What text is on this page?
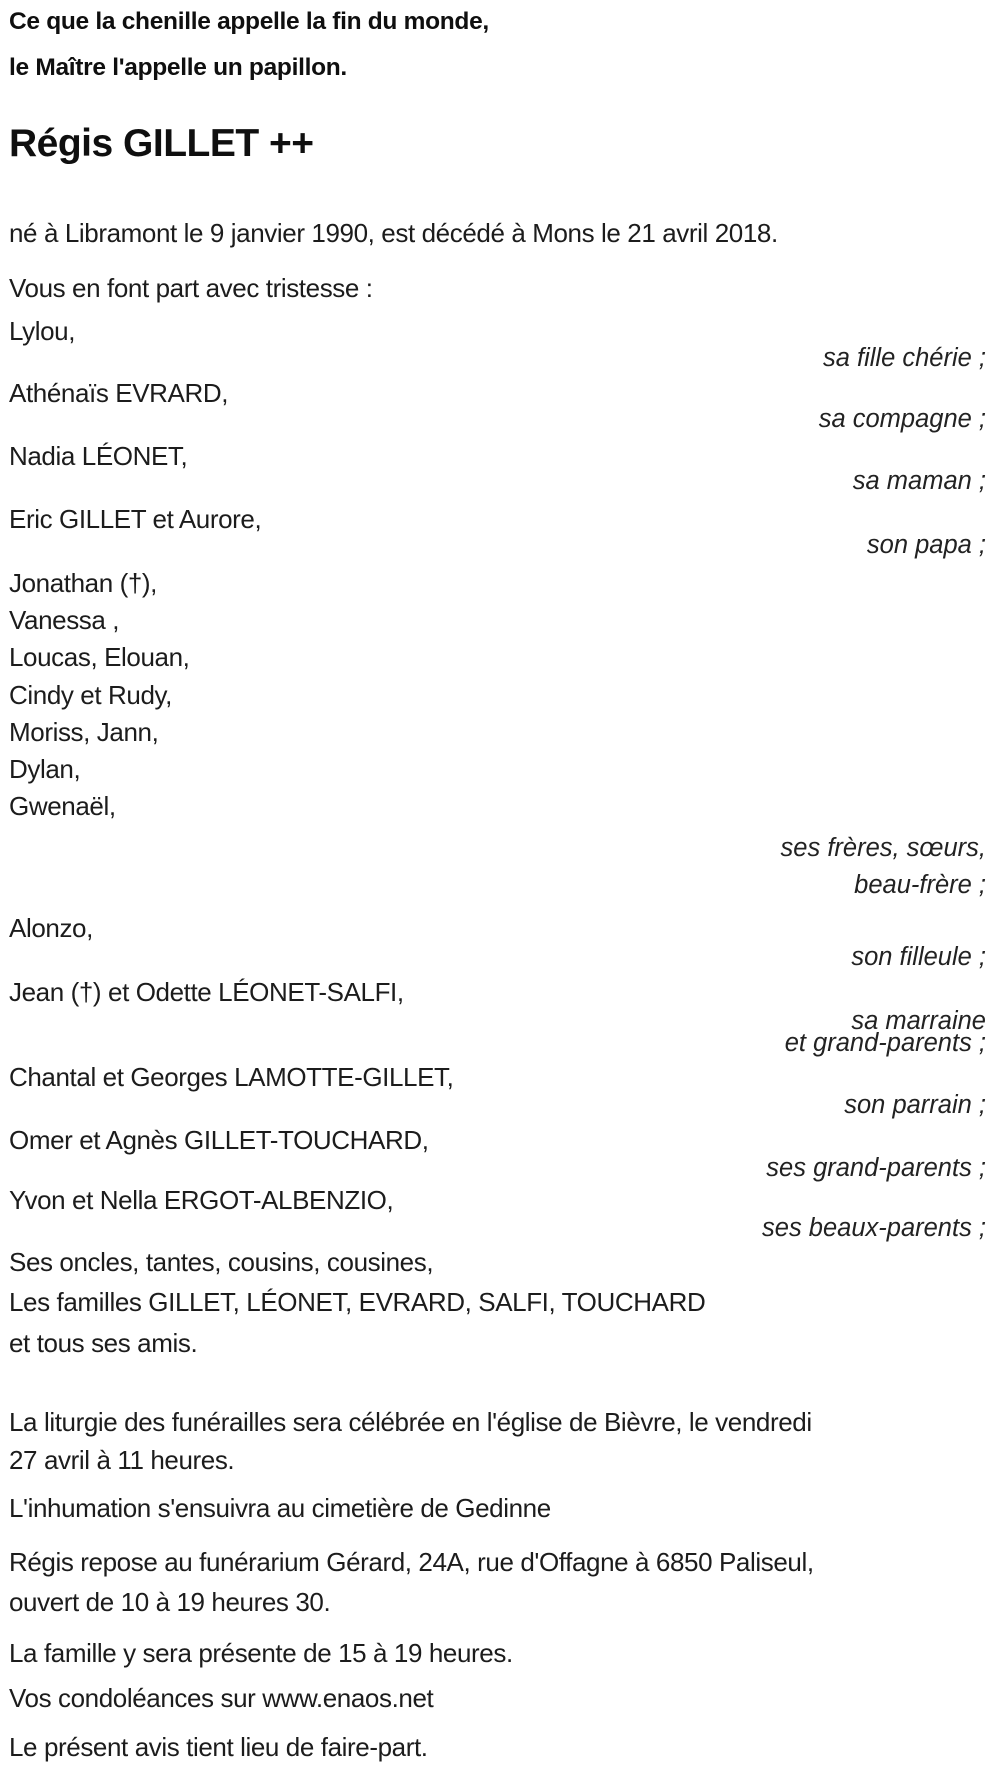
Ce que la chenille appelle la fin du monde,
le Maître l'appelle un papillon.
Régis GILLET ++
né à Libramont le 9 janvier 1990, est décédé à Mons le 21 avril 2018.
Vous en font part avec tristesse :
Lylou,
sa fille chérie ;
Athénaïs EVRARD,
sa compagne ;
Nadia LÉONET,
sa maman ;
Eric GILLET et Aurore,
son papa ;
Jonathan (†),
Vanessa ,
Loucas, Elouan,
Cindy et Rudy,
Moriss, Jann,
Dylan,
Gwenaël,
ses frères, sœurs,
beau-frère ;
Alonzo,
son filleule ;
Jean (†) et Odette LÉONET-SALFI,
sa marraine
et grand-parents ;
Chantal et Georges LAMOTTE-GILLET,
son parrain ;
Omer et Agnès GILLET-TOUCHARD,
ses grand-parents ;
Yvon et Nella ERGOT-ALBENZIO,
ses beaux-parents ;
Ses oncles, tantes, cousins, cousines,
Les familles GILLET, LÉONET, EVRARD, SALFI, TOUCHARD
et tous ses amis.
La liturgie des funérailles sera célébrée en l'église de Bièvre, le vendredi
27 avril à 11 heures.
L'inhumation s'ensuivra au cimetière de Gedinne
Régis repose au funérarium Gérard, 24A, rue d'Offagne à 6850 Paliseul,
ouvert de 10 à 19 heures 30.
La famille y sera présente de 15 à 19 heures.
Vos condoléances sur www.enaos.net
Le présent avis tient lieu de faire-part.
